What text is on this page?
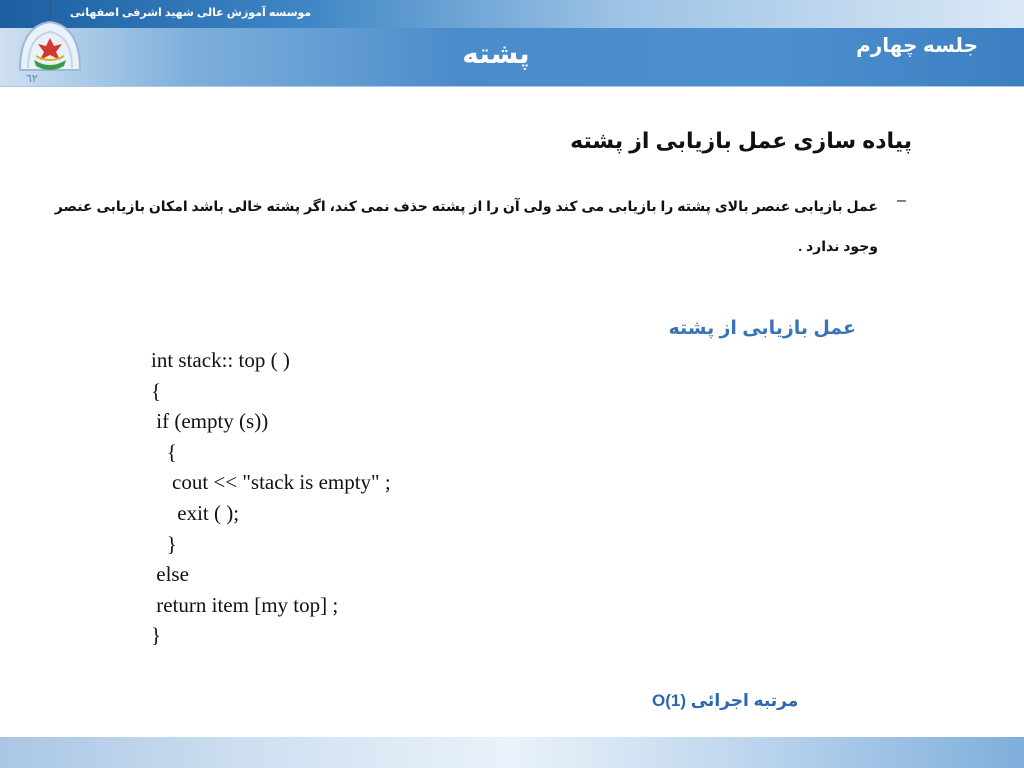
موسسه آموزش عالی شهید اشرفی اصفهانی
٦٢
جلسه چهارم
پشته
پیاده سازی عمل بازیابی از پشته
–
عمل بازیابی عنصر بالای پشته را بازیابی می کند ولی آن را از پشته حذف نمی کند، اگر پشته خالی باشد امکان بازیابی عنصر وجود ندارد .
عمل بازیابی از پشته
int stack:: top ( )
{
if (empty (s))
{
cout << "stack is empty" ;
exit ( );
}
else
return item [my top] ;
}
مرتبه اجرائی O(1)
